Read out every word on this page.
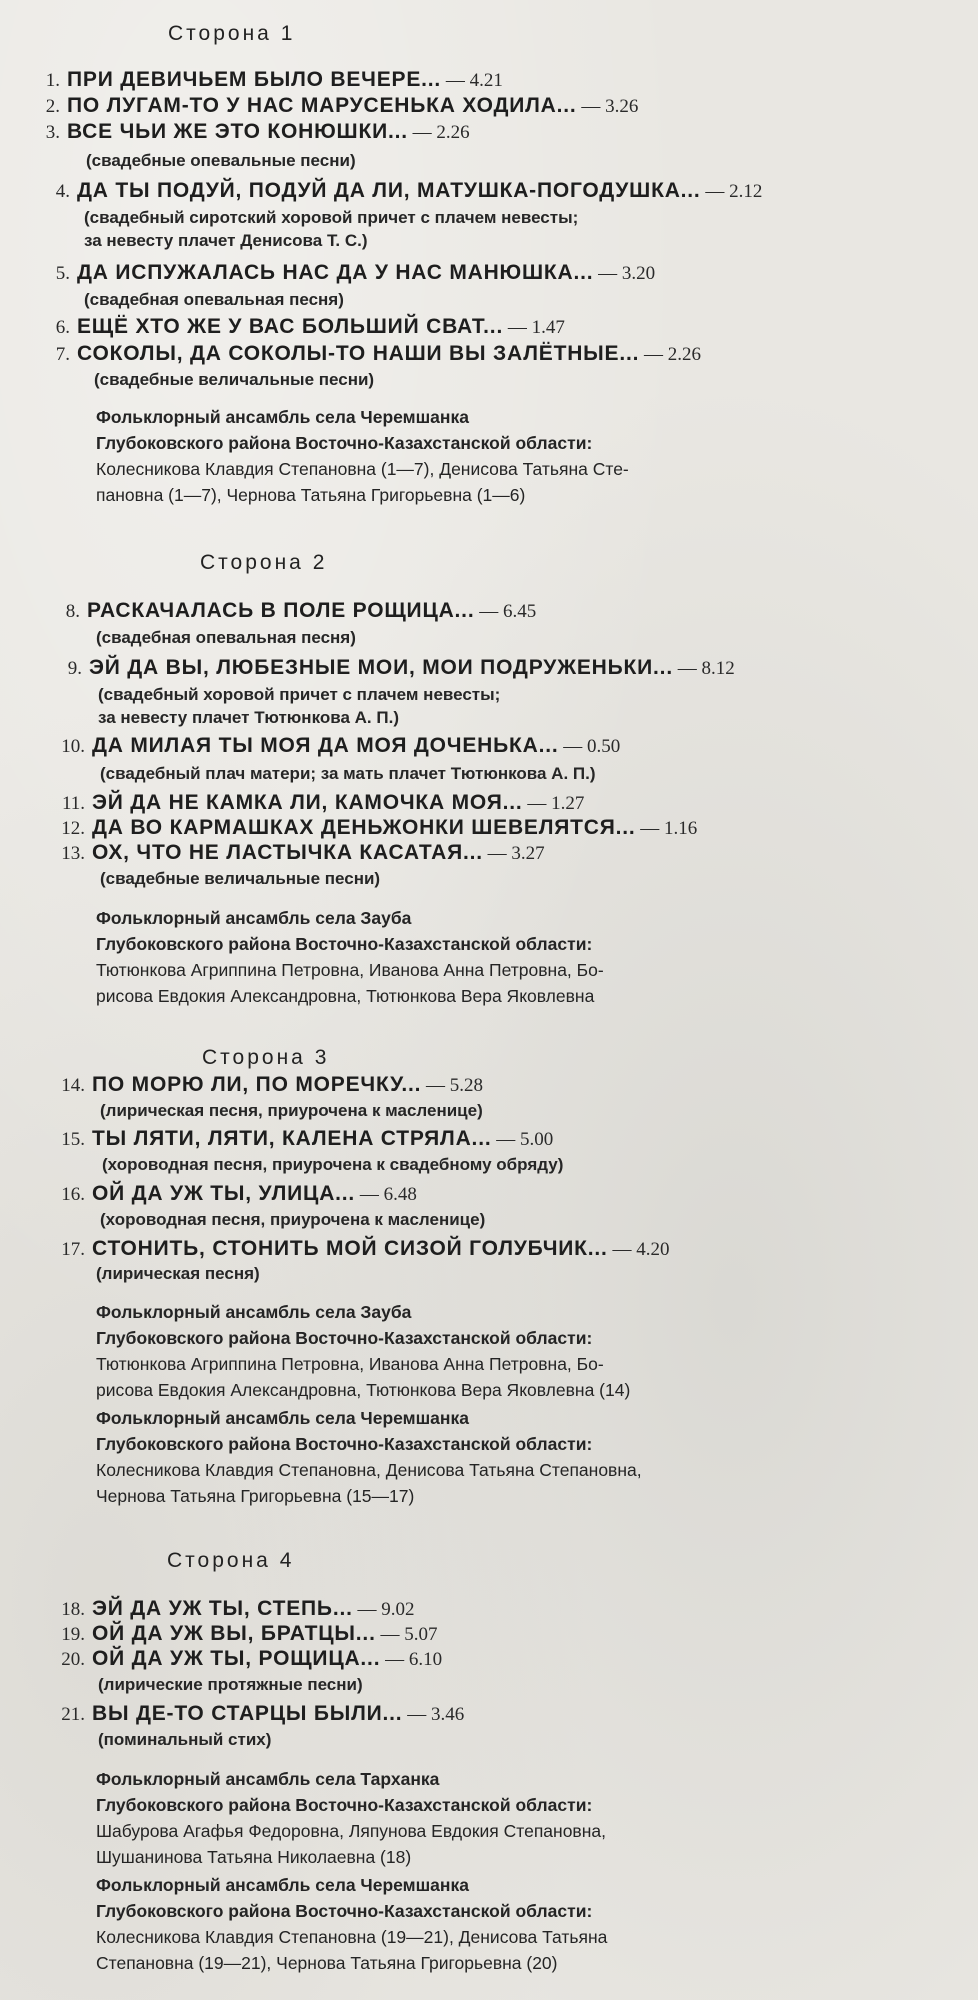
Сторона 1
1. ПРИ ДЕВИЧЬЕМ БЫЛО ВЕЧЕРЕ... — 4.21
2. ПО ЛУГАМ-ТО У НАС МАРУСЕНЬКА ХОДИЛА... — 3.26
3. ВСЕ ЧЬИ ЖЕ ЭТО КОНЮШКИ... — 2.26
(свадебные опевальные песни)
4. ДА ТЫ ПОДУЙ, ПОДУЙ ДА ЛИ, МАТУШКА-ПОГОДУШКА... — 2.12
(свадебный сиротский хоровой причет с плачем невесты;
за невесту плачет Денисова Т. С.)
5. ДА ИСПУЖАЛАСЬ НАС ДА У НАС МАНЮШКА... — 3.20
(свадебная опевальная песня)
6. ЕЩЁ ХТО ЖЕ У ВАС БОЛЬШИЙ СВАТ... — 1.47
7. СОКОЛЫ, ДА СОКОЛЫ-ТО НАШИ ВЫ ЗАЛЁТНЫЕ... — 2.26
(свадебные величальные песни)
Фольклорный ансамбль села Черемшанка
Глубоковского района Восточно-Казахстанской области:
Колесникова Клавдия Степановна (1—7), Денисова Татьяна Сте-
пановна (1—7), Чернова Татьяна Григорьевна (1—6)
Сторона 2
8. РАСКАЧАЛАСЬ В ПОЛЕ РОЩИЦА... — 6.45
(свадебная опевальная песня)
9. ЭЙ ДА ВЫ, ЛЮБЕЗНЫЕ МОИ, МОИ ПОДРУЖЕНЬКИ... — 8.12
(свадебный хоровой причет с плачем невесты;
за невесту плачет Тютюнкова А. П.)
10. ДА МИЛАЯ ТЫ МОЯ ДА МОЯ ДОЧЕНЬКА... — 0.50
(свадебный плач матери; за мать плачет Тютюнкова А. П.)
11. ЭЙ ДА НЕ КАМКА ЛИ, КАМОЧКА МОЯ... — 1.27
12. ДА ВО КАРМАШКАХ ДЕНЬЖОНКИ ШЕВЕЛЯТСЯ... — 1.16
13. ОХ, ЧТО НЕ ЛАСТЫЧКА КАСАТАЯ... — 3.27
(свадебные величальные песни)
Фольклорный ансамбль села Зауба
Глубоковского района Восточно-Казахстанской области:
Тютюнкова Агриппина Петровна, Иванова Анна Петровна, Бо-
рисова Евдокия Александровна, Тютюнкова Вера Яковлевна
Сторона 3
14. ПО МОРЮ ЛИ, ПО МОРЕЧКУ... — 5.28
(лирическая песня, приурочена к масленице)
15. ТЫ ЛЯТИ, ЛЯТИ, КАЛЕНА СТРЯЛА... — 5.00
(хороводная песня, приурочена к свадебному обряду)
16. ОЙ ДА УЖ ТЫ, УЛИЦА... — 6.48
(хороводная песня, приурочена к масленице)
17. СТОНИТЬ, СТОНИТЬ МОЙ СИЗОЙ ГОЛУБЧИК... — 4.20
(лирическая песня)
Фольклорный ансамбль села Зауба
Глубоковского района Восточно-Казахстанской области:
Тютюнкова Агриппина Петровна, Иванова Анна Петровна, Бо-
рисова Евдокия Александровна, Тютюнкова Вера Яковлевна (14)
Фольклорный ансамбль села Черемшанка
Глубоковского района Восточно-Казахстанской области:
Колесникова Клавдия Степановна, Денисова Татьяна Степановна,
Чернова Татьяна Григорьевна (15—17)
Сторона 4
18. ЭЙ ДА УЖ ТЫ, СТЕПЬ... — 9.02
19. ОЙ ДА УЖ ВЫ, БРАТЦЫ... — 5.07
20. ОЙ ДА УЖ ТЫ, РОЩИЦА... — 6.10
(лирические протяжные песни)
21. ВЫ ДЕ-ТО СТАРЦЫ БЫЛИ... — 3.46
(поминальный стих)
Фольклорный ансамбль села Тарханка
Глубоковского района Восточно-Казахстанской области:
Шабурова Агафья Федоровна, Ляпунова Евдокия Степановна,
Шушанинова Татьяна Николаевна (18)
Фольклорный ансамбль села Черемшанка
Глубоковского района Восточно-Казахстанской области:
Колесникова Клавдия Степановна (19—21), Денисова Татьяна
Степановна (19—21), Чернова Татьяна Григорьевна (20)
